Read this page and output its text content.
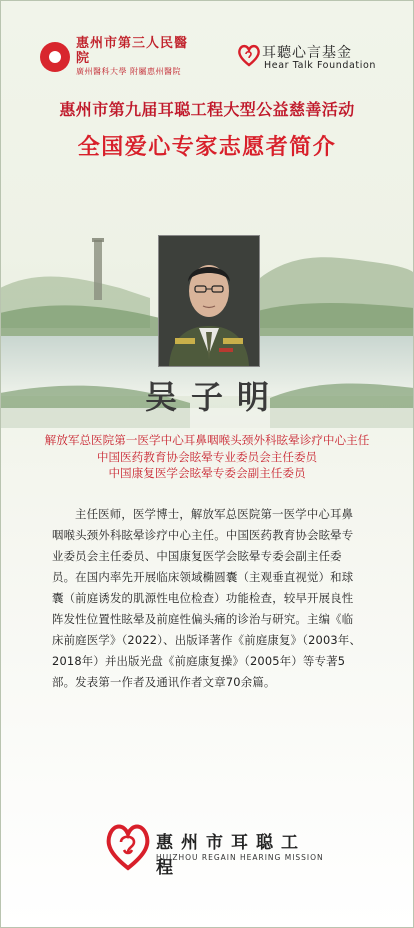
惠州市第三人民醫院
廣州醫科大學 附屬惠州醫院
耳聽心言基金
Hear Talk Foundation
惠州市第九届耳聪工程大型公益慈善活动
全国爱心专家志愿者简介
吴子明
解放军总医院第一医学中心耳鼻咽喉头颈外科眩晕诊疗中心主任
中国医药教育协会眩晕专业委员会主任委员
中国康复医学会眩晕专委会副主任委员
主任医师，医学博士，解放军总医院第一医学中心耳鼻咽喉头颈外科眩晕诊疗中心主任。中国医药教育协会眩晕专业委员会主任委员、中国康复医学会眩晕专委会副主任委员。在国内率先开展临床领域椭圆囊（主观垂直视觉）和球囊（前庭诱发的肌源性电位检查）功能检查，较早开展良性阵发性位置性眩晕及前庭性偏头痛的诊治与研究。主编《临床前庭医学》（2022）、出版译著作《前庭康复》（2003年、2018年）并出版光盘《前庭康复操》（2005年）等专著5部。发表第一作者及通讯作者文章70余篇。
惠州市耳聪工程
HUIZHOU REGAIN HEARING MISSION
